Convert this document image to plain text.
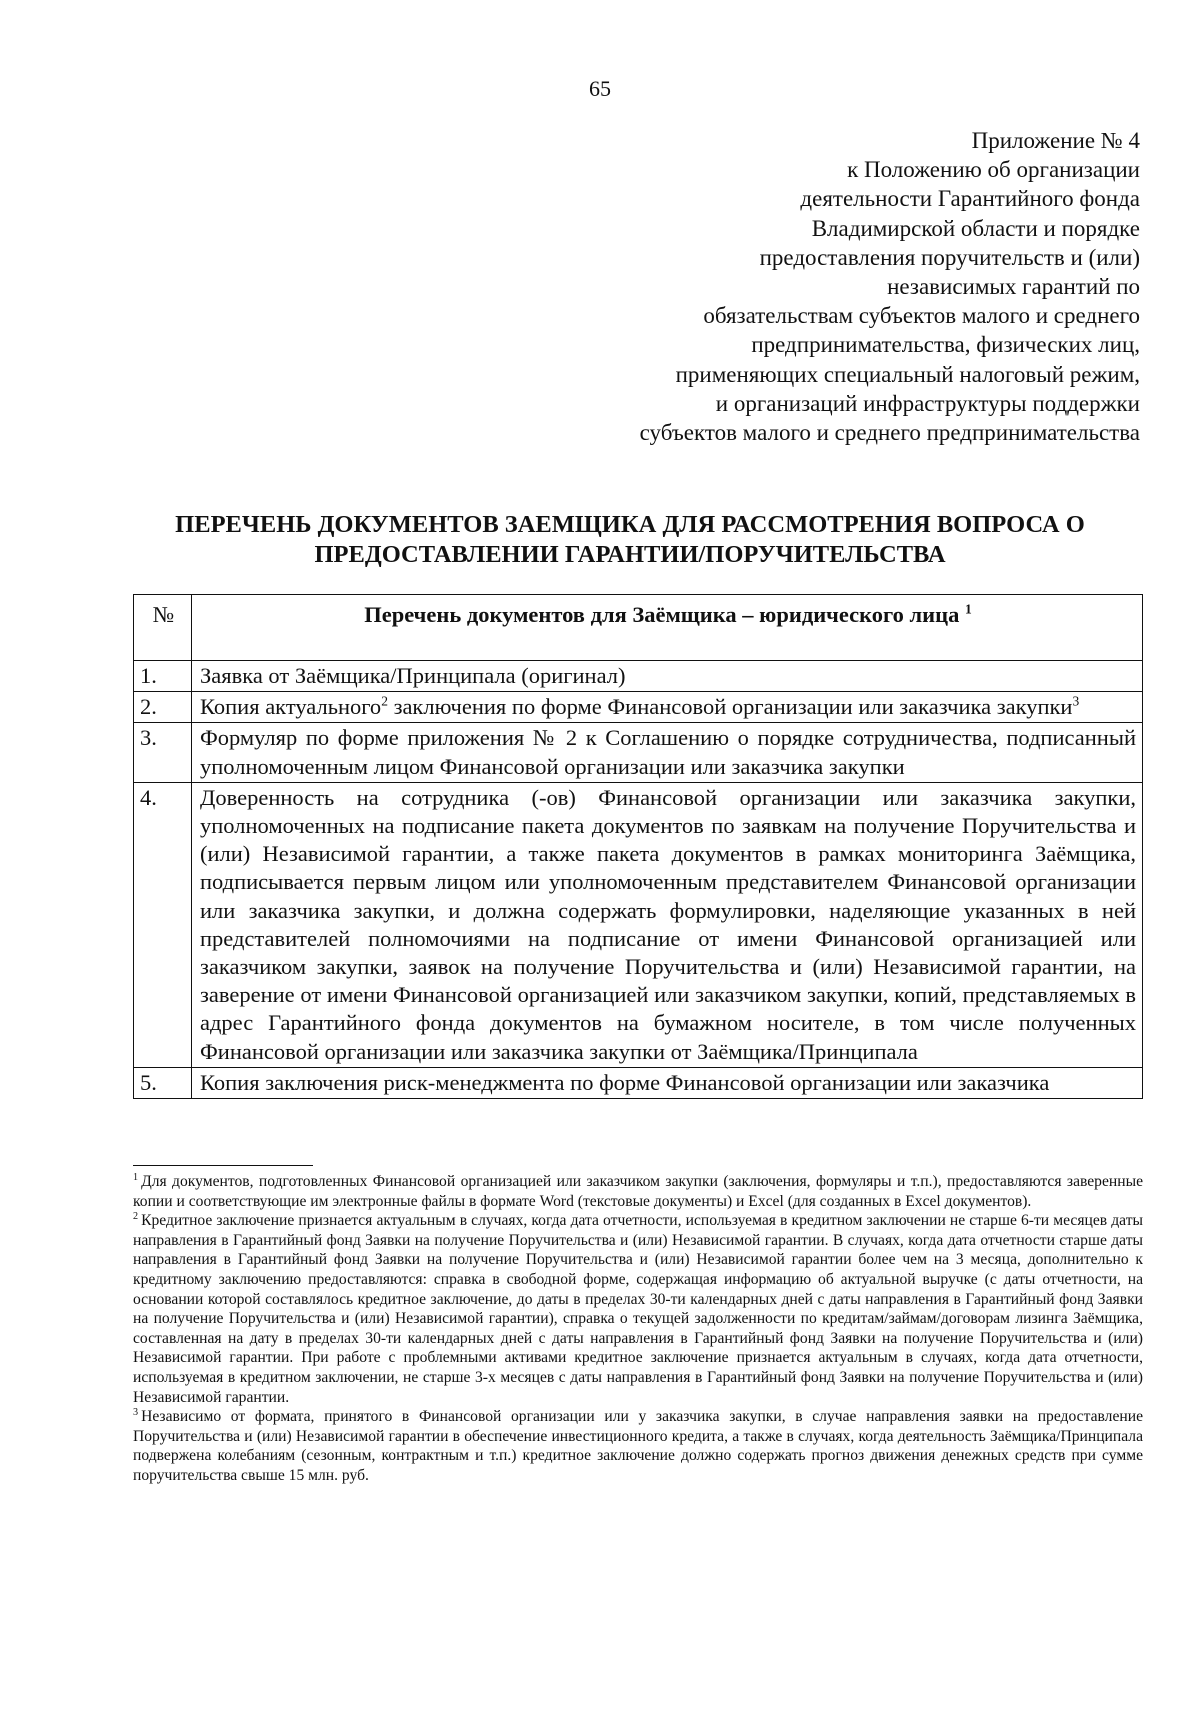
65
Приложение № 4
к Положению об организации
деятельности Гарантийного фонда
Владимирской области и порядке
предоставления поручительств и (или)
независимых гарантий по
обязательствам субъектов малого и среднего
предпринимательства, физических лиц,
применяющих специальный налоговый режим,
и организаций инфраструктуры поддержки
субъектов малого и среднего предпринимательства
ПЕРЕЧЕНЬ ДОКУМЕНТОВ ЗАЕМЩИКА ДЛЯ РАССМОТРЕНИЯ ВОПРОСА О
ПРЕДОСТАВЛЕНИИ ГАРАНТИИ/ПОРУЧИТЕЛЬСТВА
№	Перечень документов для Заёмщика – юридического лица $^1$
1.	Заявка от Заёмщика/Принципала (оригинал)
2.	Копия актуального$^2$ заключения по форме Финансовой организации или заказчика закупки$^3$
3.	Формуляр по форме приложения № 2 к Соглашению о порядке сотрудничества, подписанный уполномоченным лицом Финансовой организации или заказчика закупки
4.	Доверенность на сотрудника (-ов) Финансовой организации или заказчика закупки, уполномоченных на подписание пакета документов по заявкам на получение Поручительства и (или) Независимой гарантии, а также пакета документов в рамках мониторинга Заёмщика, подписывается первым лицом или уполномоченным представителем Финансовой организации или заказчика закупки, и должна содержать формулировки, наделяющие указанных в ней представителей полномочиями на подписание от имени Финансовой организацией или заказчиком закупки, заявок на получение Поручительства и (или) Независимой гарантии, на заверение от имени Финансовой организацией или заказчиком закупки, копий, представляемых в адрес Гарантийного фонда документов на бумажном носителе, в том числе полученных Финансовой организации или заказчика закупки от Заёмщика/Принципала
5.	Копия заключения риск-менеджмента по форме Финансовой организации или заказчика

$^1$ Для документов, подготовленных Финансовой организацией или заказчиком закупки (заключения, формуляры и т.п.), предоставляются заверенные копии и соответствующие им электронные файлы в формате Word (текстовые документы) и Excel (для созданных в Excel документов).

$^2$ Кредитное заключение признается актуальным в случаях, когда дата отчетности, используемая в кредитном заключении не старше 6-ти месяцев даты направления в Гарантийный фонд Заявки на получение Поручительства и (или) Независимой гарантии. В случаях, когда дата отчетности старше даты направления в Гарантийный фонд Заявки на получение Поручительства и (или) Независимой гарантии более чем на 3 месяца, дополнительно к кредитному заключению предоставляются: справка в свободной форме, содержащая информацию об актуальной выручке (с даты отчетности, на основании которой составлялось кредитное заключение, до даты в пределах 30-ти календарных дней с даты направления в Гарантийный фонд Заявки на получение Поручительства и (или) Независимой гарантии), справка о текущей задолженности по кредитам/займам/договорам лизинга Заёмщика, составленная на дату в пределах 30-ти календарных дней с даты направления в Гарантийный фонд Заявки на получение Поручительства и (или) Независимой гарантии. При работе с проблемными активами кредитное заключение признается актуальным в случаях, когда дата отчетности, используемая в кредитном заключении, не старше 3-х месяцев с даты направления в Гарантийный фонд Заявки на получение Поручительства и (или) Независимой гарантии.

$^3$ Независимо от формата, принятого в Финансовой организации или у заказчика закупки, в случае направления заявки на предоставление Поручительства и (или) Независимой гарантии в обеспечение инвестиционного кредита, а также в случаях, когда деятельность Заёмщика/Принципала подвержена колебаниям (сезонным, контрактным и т.п.) кредитное заключение должно содержать прогноз движения денежных средств при сумме поручительства свыше 15 млн. руб.
